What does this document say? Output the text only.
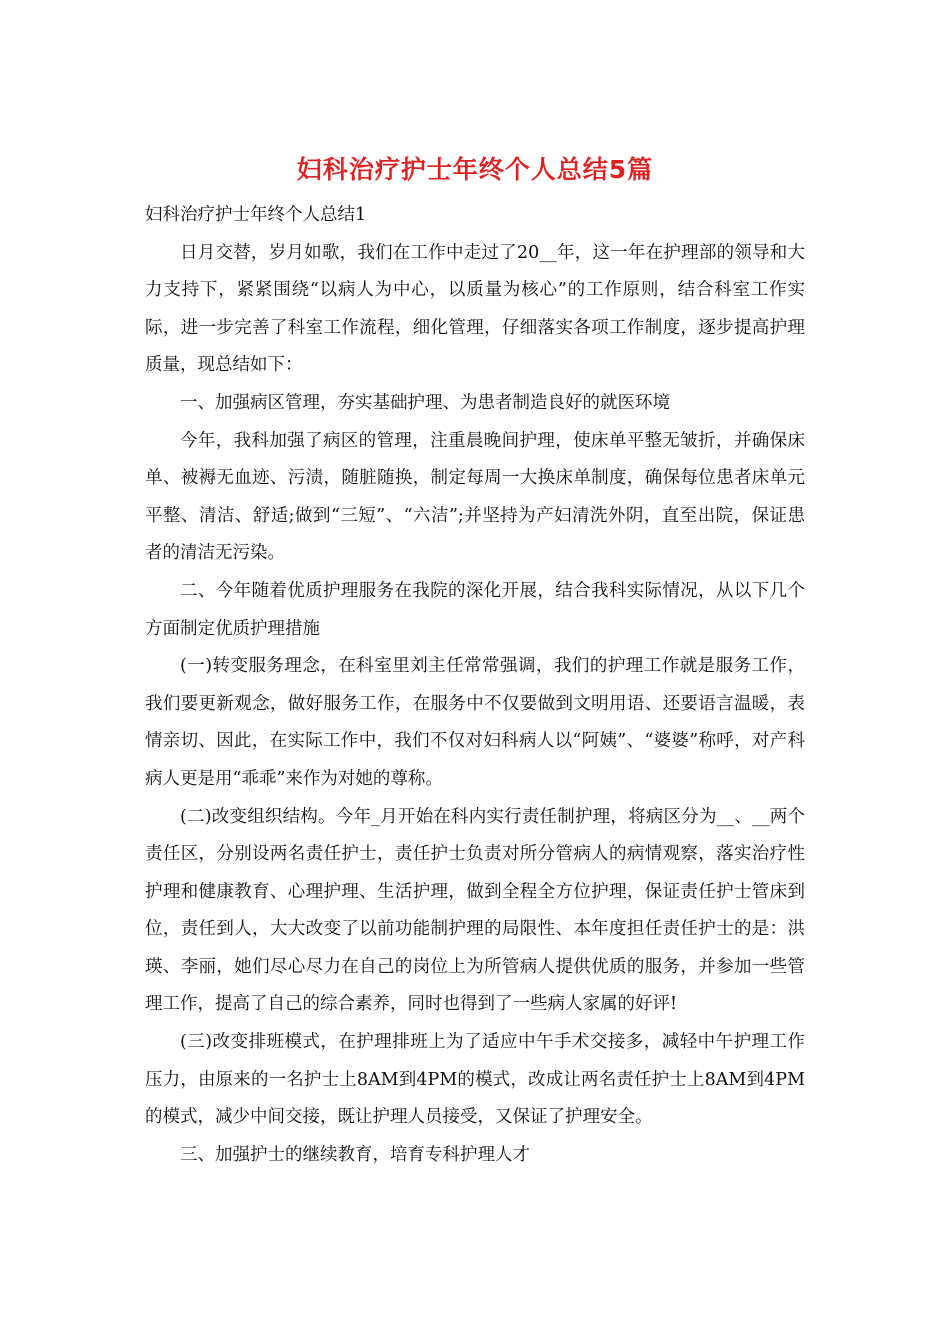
妇科治疗护士年终个人总结5篇

妇科治疗护士年终个人总结1

日月交替，岁月如歌，我们在工作中走过了20__年，这一年在护理部的领导和大力支持下，紧紧围绕“以病人为中心，以质量为核心”的工作原则，结合科室工作实际，进一步完善了科室工作流程，细化管理，仔细落实各项工作制度，逐步提高护理质量，现总结如下：

一、加强病区管理，夯实基础护理、为患者制造良好的就医环境

今年，我科加强了病区的管理，注重晨晚间护理，使床单平整无皱折，并确保床单、被褥无血迹、污渍，随脏随换，制定每周一大换床单制度，确保每位患者床单元平整、清洁、舒适;做到“三短”、“六洁”;并坚持为产妇清洗外阴，直至出院，保证患者的清洁无污染。

二、今年随着优质护理服务在我院的深化开展，结合我科实际情况，从以下几个方面制定优质护理措施

(一)转变服务理念，在科室里刘主任常常强调，我们的护理工作就是服务工作，我们要更新观念，做好服务工作，在服务中不仅要做到文明用语、还要语言温暖，表情亲切、因此，在实际工作中，我们不仅对妇科病人以“阿姨”、“婆婆”称呼，对产科病人更是用“乖乖”来作为对她的尊称。

(二)改变组织结构。今年_月开始在科内实行责任制护理，将病区分为__、__两个责任区，分别设两名责任护士，责任护士负责对所分管病人的病情观察，落实治疗性护理和健康教育、心理护理、生活护理，做到全程全方位护理，保证责任护士管床到位，责任到人，大大改变了以前功能制护理的局限性、本年度担任责任护士的是：洪瑛、李丽，她们尽心尽力在自己的岗位上为所管病人提供优质的服务，并参加一些管理工作，提高了自己的综合素养，同时也得到了一些病人家属的好评!

(三)改变排班模式，在护理排班上为了适应中午手术交接多，减轻中午护理工作压力，由原来的一名护士上8AM到4PM的模式，改成让两名责任护士上8AM到4PM的模式，减少中间交接，既让护理人员接受，又保证了护理安全。

三、加强护士的继续教育，培育专科护理人才
